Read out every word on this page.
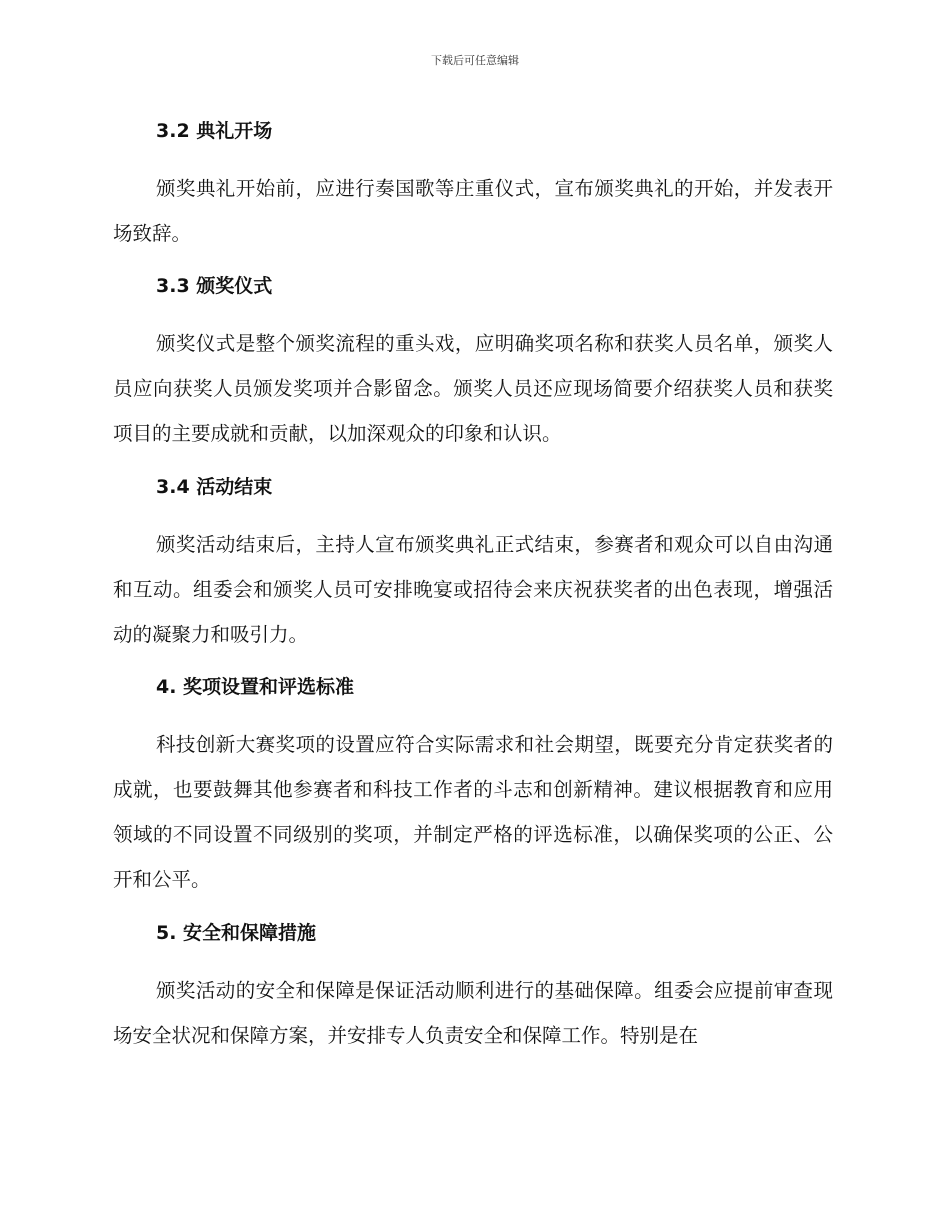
下载后可任意编辑
3.2 典礼开场

颁奖典礼开始前，应进行奏国歌等庄重仪式，宣布颁奖典礼的开始，并发表开场致辞。

3.3 颁奖仪式

颁奖仪式是整个颁奖流程的重头戏，应明确奖项名称和获奖人员名单，颁奖人员应向获奖人员颁发奖项并合影留念。颁奖人员还应现场简要介绍获奖人员和获奖项目的主要成就和贡献，以加深观众的印象和认识。

3.4 活动结束

颁奖活动结束后，主持人宣布颁奖典礼正式结束，参赛者和观众可以自由沟通和互动。组委会和颁奖人员可安排晚宴或招待会来庆祝获奖者的出色表现，增强活动的凝聚力和吸引力。

4. 奖项设置和评选标准

科技创新大赛奖项的设置应符合实际需求和社会期望，既要充分肯定获奖者的成就，也要鼓舞其他参赛者和科技工作者的斗志和创新精神。建议根据教育和应用领域的不同设置不同级别的奖项，并制定严格的评选标准，以确保奖项的公正、公开和公平。

5. 安全和保障措施

颁奖活动的安全和保障是保证活动顺利进行的基础保障。组委会应提前审查现场安全状况和保障方案，并安排专人负责安全和保障工作。特别是在
